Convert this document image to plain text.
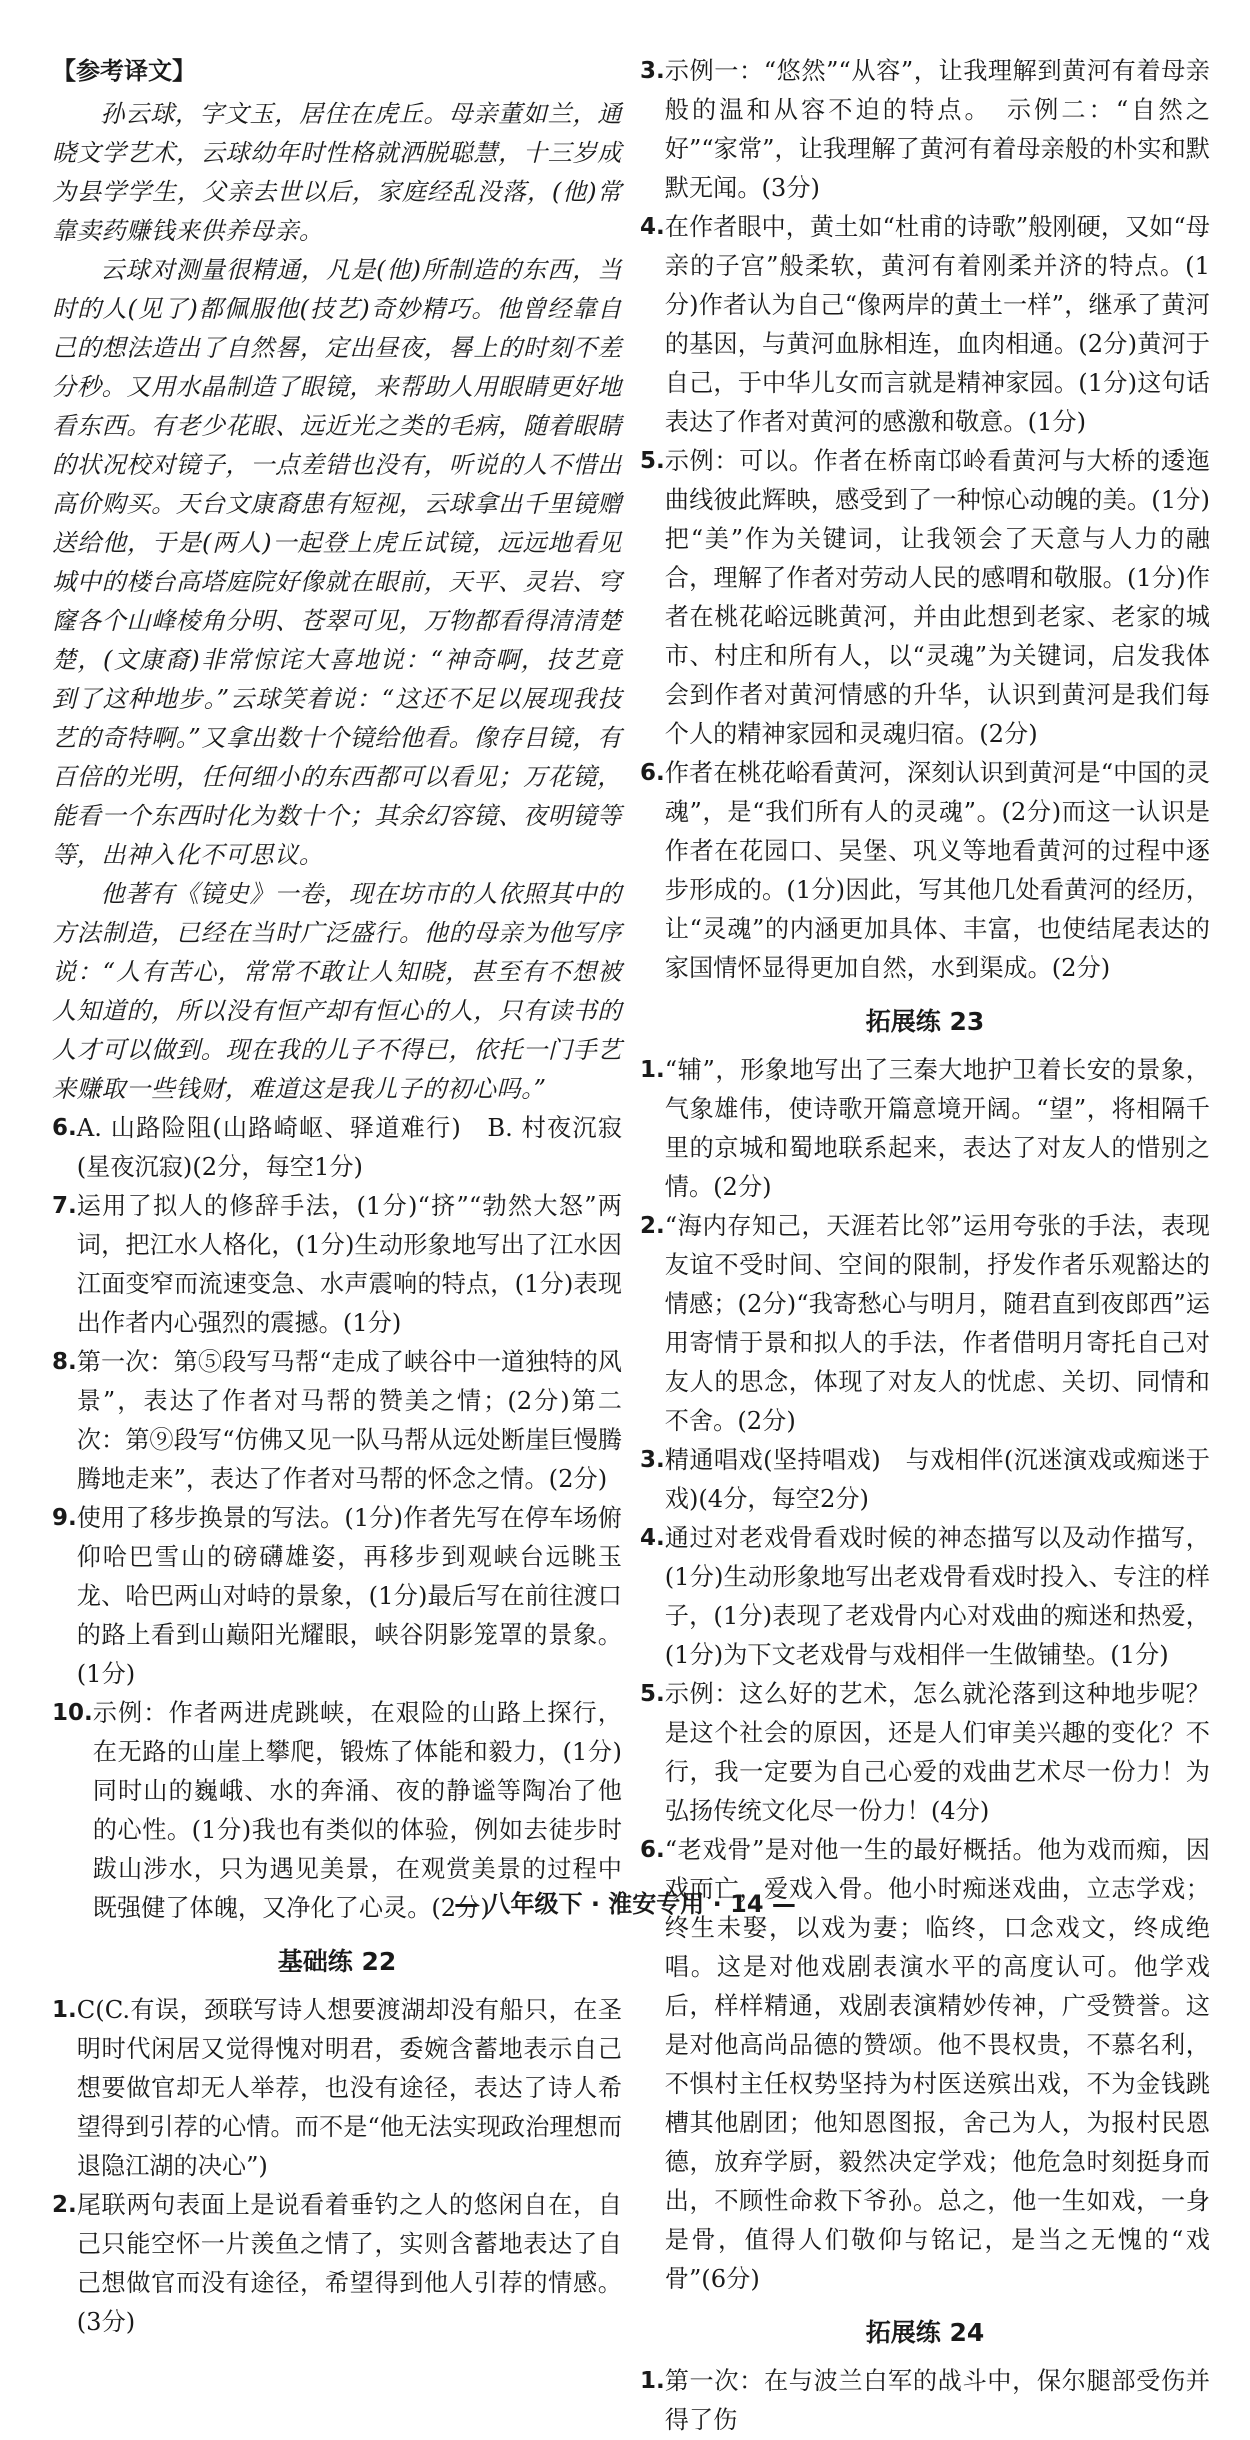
【参考译文】

孙云球，字文玉，居住在虎丘。母亲董如兰，通晓文学艺术，云球幼年时性格就洒脱聪慧，十三岁成为县学学生，父亲去世以后，家庭经乱没落，(他)常靠卖药赚钱来供养母亲。

云球对测量很精通，凡是(他)所制造的东西，当时的人(见了)都佩服他(技艺)奇妙精巧。他曾经靠自己的想法造出了自然晷，定出昼夜，晷上的时刻不差分秒。又用水晶制造了眼镜，来帮助人用眼睛更好地看东西。有老少花眼、远近光之类的毛病，随着眼睛的状况校对镜子，一点差错也没有，听说的人不惜出高价购买。天台文康裔患有短视，云球拿出千里镜赠送给他，于是(两人)一起登上虎丘试镜，远远地看见城中的楼台高塔庭院好像就在眼前，天平、灵岩、穹窿各个山峰棱角分明、苍翠可见，万物都看得清清楚楚，(文康裔)非常惊诧大喜地说：“神奇啊，技艺竟到了这种地步。”云球笑着说：“这还不足以展现我技艺的奇特啊。”又拿出数十个镜给他看。像存目镜，有百倍的光明，任何细小的东西都可以看见；万花镜，能看一个东西时化为数十个；其余幻容镜、夜明镜等等，出神入化不可思议。

他著有《镜史》一卷，现在坊市的人依照其中的方法制造，已经在当时广泛盛行。他的母亲为他写序说：“人有苦心，常常不敢让人知晓，甚至有不想被人知道的，所以没有恒产却有恒心的人，只有读书的人才可以做到。现在我的儿子不得已，依托一门手艺来赚取一些钱财，难道这是我儿子的初心吗。”

6. A. 山路险阻(山路崎岖、驿道难行)　B. 村夜沉寂(星夜沉寂)(2分，每空1分)
7. 运用了拟人的修辞手法，(1分)“挤”“勃然大怒”两词，把江水人格化，(1分)生动形象地写出了江水因江面变窄而流速变急、水声震响的特点，(1分)表现出作者内心强烈的震撼。(1分)
8. 第一次：第⑤段写马帮“走成了峡谷中一道独特的风景”，表达了作者对马帮的赞美之情；(2分)第二次：第⑨段写“仿佛又见一队马帮从远处断崖巨慢腾腾地走来”，表达了作者对马帮的怀念之情。(2分)
9. 使用了移步换景的写法。(1分)作者先写在停车场俯仰哈巴雪山的磅礴雄姿，再移步到观峡台远眺玉龙、哈巴两山对峙的景象，(1分)最后写在前往渡口的路上看到山巅阳光耀眼，峡谷阴影笼罩的景象。(1分)
10. 示例：作者两进虎跳峡，在艰险的山路上探行，在无路的山崖上攀爬，锻炼了体能和毅力，(1分)同时山的巍峨、水的奔涌、夜的静谧等陶冶了他的心性。(1分)我也有类似的体验，例如去徒步时跋山涉水，只为遇见美景，在观赏美景的过程中既强健了体魄，又净化了心灵。(2分)
基础练 22
1. C(C.有误，颈联写诗人想要渡湖却没有船只，在圣明时代闲居又觉得愧对明君，委婉含蓄地表示自己想要做官却无人举荐，也没有途径，表达了诗人希望得到引荐的心情。而不是“他无法实现政治理想而退隐江湖的决心”)
2. 尾联两句表面上是说看着垂钓之人的悠闲自在，自己只能空怀一片羡鱼之情了，实则含蓄地表达了自己想做官而没有途径，希望得到他人引荐的情感。(3分)
3. 示例一：“悠然”“从容”，让我理解到黄河有着母亲般的温和从容不迫的特点。　示例二：“自然之好”“家常”，让我理解了黄河有着母亲般的朴实和默默无闻。(3分)
4. 在作者眼中，黄土如“杜甫的诗歌”般刚硬，又如“母亲的子宫”般柔软，黄河有着刚柔并济的特点。(1分)作者认为自己“像两岸的黄土一样”，继承了黄河的基因，与黄河血脉相连，血肉相通。(2分)黄河于自己，于中华儿女而言就是精神家园。(1分)这句话表达了作者对黄河的感激和敬意。(1分)
5. 示例：可以。作者在桥南邙岭看黄河与大桥的逶迤曲线彼此辉映，感受到了一种惊心动魄的美。(1分)把“美”作为关键词，让我领会了天意与人力的融合，理解了作者对劳动人民的感喟和敬服。(1分)作者在桃花峪远眺黄河，并由此想到老家、老家的城市、村庄和所有人，以“灵魂”为关键词，启发我体会到作者对黄河情感的升华，认识到黄河是我们每个人的精神家园和灵魂归宿。(2分)
6. 作者在桃花峪看黄河，深刻认识到黄河是“中国的灵魂”，是“我们所有人的灵魂”。(2分)而这一认识是作者在花园口、吴堡、巩义等地看黄河的过程中逐步形成的。(1分)因此，写其他几处看黄河的经历，让“灵魂”的内涵更加具体、丰富，也使结尾表达的家国情怀显得更加自然，水到渠成。(2分)
拓展练 23
1. “辅”，形象地写出了三秦大地护卫着长安的景象，气象雄伟，使诗歌开篇意境开阔。“望”，将相隔千里的京城和蜀地联系起来，表达了对友人的惜别之情。(2分)
2. “海内存知己，天涯若比邻”运用夸张的手法，表现友谊不受时间、空间的限制，抒发作者乐观豁达的情感；(2分)“我寄愁心与明月，随君直到夜郎西”运用寄情于景和拟人的手法，作者借明月寄托自己对友人的思念，体现了对友人的忧虑、关切、同情和不舍。(2分)
3. 精通唱戏(坚持唱戏)　与戏相伴(沉迷演戏或痴迷于戏)(4分，每空2分)
4. 通过对老戏骨看戏时候的神态描写以及动作描写，(1分)生动形象地写出老戏骨看戏时投入、专注的样子，(1分)表现了老戏骨内心对戏曲的痴迷和热爱，(1分)为下文老戏骨与戏相伴一生做铺垫。(1分)
5. 示例：这么好的艺术，怎么就沦落到这种地步呢？是这个社会的原因，还是人们审美兴趣的变化？不行，我一定要为自己心爱的戏曲艺术尽一份力！为弘扬传统文化尽一份力！(4分)
6. “老戏骨”是对他一生的最好概括。他为戏而痴，因戏而亡，爱戏入骨。他小时痴迷戏曲，立志学戏；终生未娶，以戏为妻；临终，口念戏文，终成绝唱。这是对他戏剧表演水平的高度认可。他学戏后，样样精通，戏剧表演精妙传神，广受赞誉。这是对他高尚品德的赞颂。他不畏权贵，不慕名利，不惧村主任权势坚持为村医送殡出戏，不为金钱跳槽其他剧团；他知恩图报，舍己为人，为报村民恩德，放弃学厨，毅然决定学戏；他危急时刻挺身而出，不顾性命救下爷孙。总之，他一生如戏，一身是骨，值得人们敬仰与铭记，是当之无愧的“戏骨”(6分)
拓展练 24
1. 第一次：在与波兰白军的战斗中，保尔腿部受伤并得了伤
— 八年级下 · 淮安专用 · 14 —
